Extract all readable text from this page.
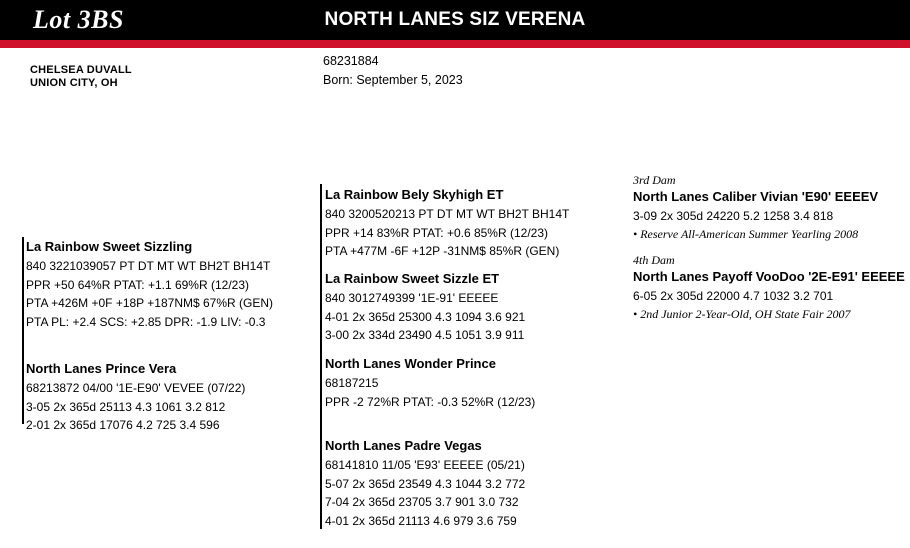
Lot 3BS	NORTH LANES SIZ VERENA
CHELSEA DUVALL
UNION CITY, OH
68231884
Born: September 5, 2023
La Rainbow Sweet Sizzling
840 3221039057 PT DT MT WT BH2T BH14T
PPR +50 64%R PTAT: +1.1 69%R (12/23)
PTA +426M +0F +18P +187NM$ 67%R (GEN)
PTA PL: +2.4 SCS: +2.85 DPR: -1.9 LIV: -0.3
North Lanes Prince Vera
68213872 04/00 '1E-E90' VEVEE (07/22)
3-05 2x 365d 25113 4.3 1061 3.2 812
2-01 2x 365d 17076 4.2 725 3.4 596
La Rainbow Bely Skyhigh ET
840 3200520213 PT DT MT WT BH2T BH14T
PPR +14 83%R PTAT: +0.6 85%R (12/23)
PTA +477M -6F +12P -31NM$ 85%R (GEN)
La Rainbow Sweet Sizzle ET
840 3012749399 '1E-91' EEEEE
4-01 2x 365d 25300 4.3 1094 3.6 921
3-00 2x 334d 23490 4.5 1051 3.9 911
North Lanes Wonder Prince
68187215
PPR -2 72%R PTAT: -0.3 52%R (12/23)
North Lanes Padre Vegas
68141810 11/05 'E93' EEEEE (05/21)
5-07 2x 365d 23549 4.3 1044 3.2 772
7-04 2x 365d 23705 3.7 901 3.0 732
4-01 2x 365d 21113 4.6 979 3.6 759
3rd Dam
North Lanes Caliber Vivian 'E90' EEEEV
3-09 2x 305d 24220 5.2 1258 3.4 818
• Reserve All-American Summer Yearling 2008
4th Dam
North Lanes Payoff VooDoo '2E-E91' EEEEE
6-05 2x 305d 22000 4.7 1032 3.2 701
• 2nd Junior 2-Year-Old, OH State Fair 2007
